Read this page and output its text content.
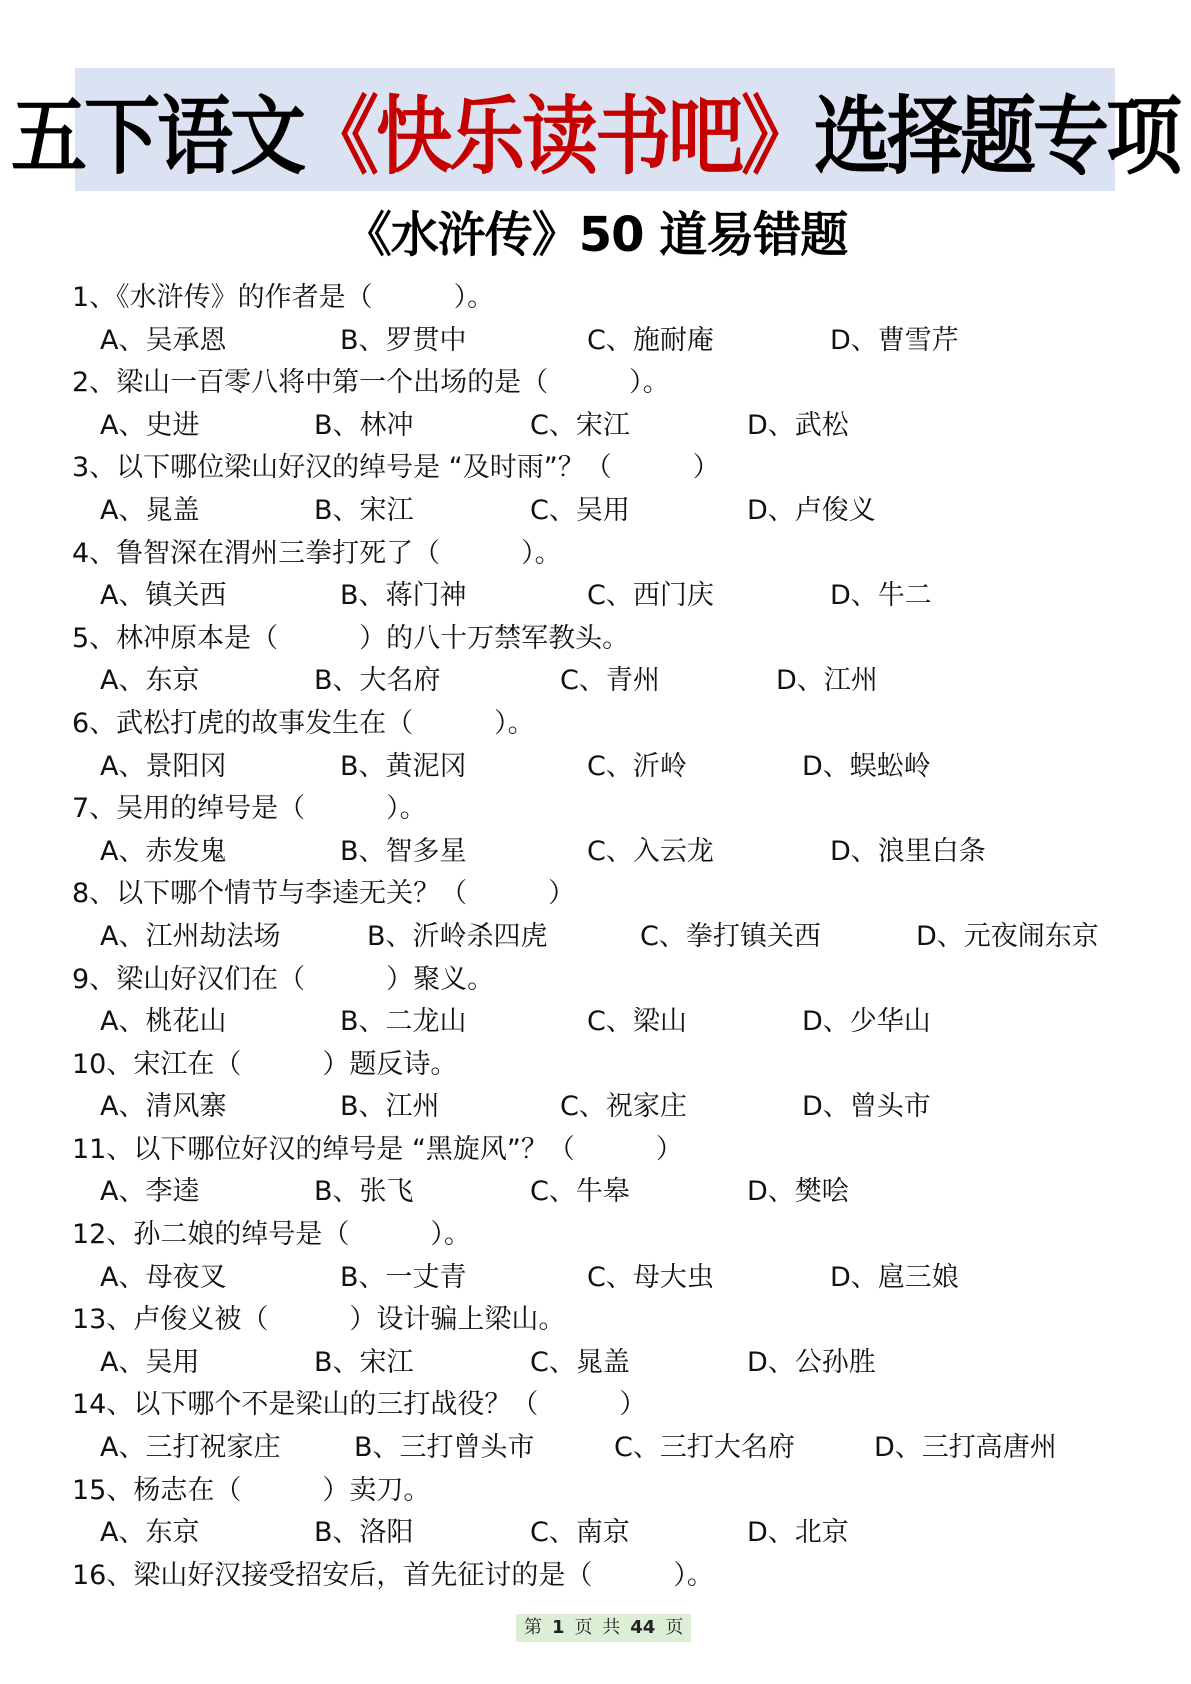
五下语文 《快乐读书吧》 选择题专项
《水浒传》50 道易错题
1、《水浒传》的作者是（　　　）。
A、吴承恩	B、罗贯中	C、施耐庵	D、曹雪芹
2、梁山一百零八将中第一个出场的是（　　　）。
A、史进	B、林冲	C、宋江	D、武松
3、以下哪位梁山好汉的绰号是 “及时雨”？（　　　）
A、晁盖	B、宋江	C、吴用	D、卢俊义
4、鲁智深在渭州三拳打死了（　　　）。
A、镇关西	B、蒋门神	C、西门庆	D、牛二
5、林冲原本是（　　　）的八十万禁军教头。
A、东京	B、大名府	C、青州	D、江州
6、武松打虎的故事发生在（　　　）。
A、景阳冈	B、黄泥冈	C、沂岭	D、蜈蚣岭
7、吴用的绰号是（　　　）。
A、赤发鬼	B、智多星	C、入云龙	D、浪里白条
8、以下哪个情节与李逵无关？（　　　）
A、江州劫法场	B、沂岭杀四虎	C、拳打镇关西	D、元夜闹东京
9、梁山好汉们在（　　　）聚义。
A、桃花山	B、二龙山	C、梁山	D、少华山
10、宋江在（　　　）题反诗。
A、清风寨	B、江州	C、祝家庄	D、曾头市
11、以下哪位好汉的绰号是 “黑旋风”？（　　　）
A、李逵	B、张飞	C、牛皋	D、樊哙
12、孙二娘的绰号是（　　　）。
A、母夜叉	B、一丈青	C、母大虫	D、扈三娘
13、卢俊义被（　　　）设计骗上梁山。
A、吴用	B、宋江	C、晁盖	D、公孙胜
14、以下哪个不是梁山的三打战役？（　　　）
A、三打祝家庄	B、三打曾头市	C、三打大名府	D、三打高唐州
15、杨志在（　　　）卖刀。
A、东京	B、洛阳	C、南京	D、北京
16、梁山好汉接受招安后，首先征讨的是（　　　）。
第 1 页 共 44 页
